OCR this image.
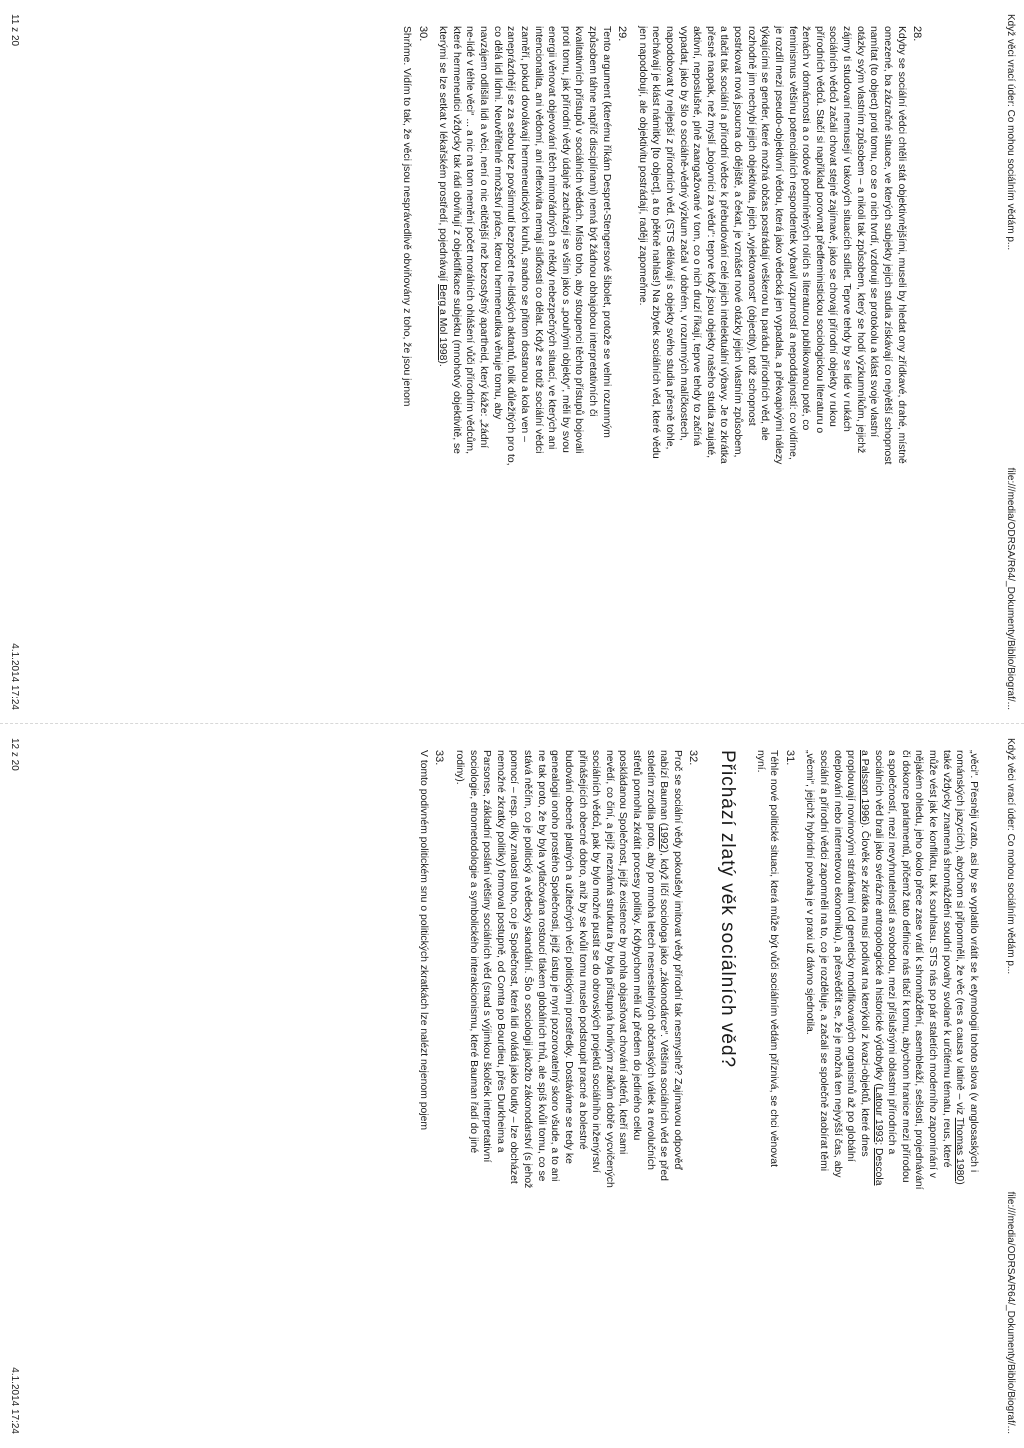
Když věci vrací úder: Co mohou sociálním vědám p...
file:///media/ODRSA/R64/_Dokumenty/Biblio/Biograf/...
28.

Kdyby se sociální vědci chtěli stát objektivnějšími, museli by hledat ony zřídkavé, drahé, místně omezené, ba zázračné situace, ve kterých subjekty jejich studia získávají co největší schopnost namítat (to object) proti tomu, co se o nich tvrdí, vzdoruji se protokolu a klást svoje vlastní otázky svým vlastním způsobem – a nikoli tak způsobem, který se hodí výzkumníkům, jejichž zájmy ti studovaní nemusejí v takových situacích sdílet. Teprve tehdy by se lidé v rukách sociálních vědců začali chovat stejně zajímavě, jako se chovají přírodní objekty v rukou přírodních vědců. Stačí si například porovnat předfeministickou sociologickou literaturu o ženách v domácnosti a o rodově podmíněných rolích s literaturou publikovanou poté, co feminismus většinu potenciálních respondentek vybavil vzpurností a nepoddajností: co vidíme, je rozdíl mezi pseudo-objektivní vědou, která jako vědecká jen vypadala, a překvapivými nálezy týkajícími se gender, které možná občas postrádají veškerou tu parádu přírodních věd, ale rozhodně jim nechybí jejich objektivita, jejich „vyjektovanost“ (objectity), totiž schopnost postrkovat nová jsoucna do dějiště, a čekat, je vznášet nové otázky jejich vlastním způsobem, a tlačit tak sociální a přírodní vědce k přebudování celé jejich intelektuální výbavy. Je to zkrátka přesně naopak, než myslí „bojovníci za vědu“: teprve když jsou objekty našeho studia zaujaté, aktivní, neposlušné, plně zaangažované v tom, co o nich druzí říkají, teprve tehdy to začíná vypadat, jako by šlo o sociálně-vědný výzkum začal v dobrém, v rozumných malíčkostech, napodobovat ty nejlepší z přírodních věd. (STS dělávají s objekty svého studia přesně tohle, nechávají je klást námitky [to object], a to pěkně nahlas!) Na zbytek sociálních věd, které vědu jen napodobují, ale objektivitu postrádají, raději zapomeňme.

29.

Tento argument (kterému říkám Despret-Stengersové šibolet, protože se velmi rozumným způsobem táhne napříč disciplínami) nemá být žádnou obhajobou interpretativních či kvalitativních přístupů v sociálních vědách. Místo toho, aby stoupenci těchto přístupů bojovali proti tomu, jak přírodní vědy údajně zacházejí se vším jako s „pouhými objekty“, měli by svou energii věnovat objevování těch mimořádných a někdy nebezpečných situací, ve kterých ani intencionalita, ani vědomí, ani reflexivita nemají sliďkosti co dělat. Když se totiž sociální vědci zaměří, pokud dovolávají hermeneutických kruhů, snadno se přitom dostanou a kola ven – zaneprázdnějí se za sebou bez povšimnutí bezpočet ne-lidských aktantů, tolik důležitých pro to, co dělá lidi lidmi. Neuvěřitelné množství práce, kterou hermeneutika věnuje tomu, aby navzájem odlišila lidi a věci, není o nic etičtější než bezostyšný apartheid, který káže: „žádní ne-lidé v téhle věci“ ... a nic na tom nemění počet morálních ohlášení vůči přírodním vědcům, které hermeneutici vždycky tak rádi obviňují z objektifikace subjektu (mnohotvý objektivitě, se kterými se lze setkat v lékařském prostředí, pojednávají Berg a Mol 1998).

30.

Shrňme. Vidím to tak, že věci jsou nesprávedlivě obviňovány z toho, že jsou jenom

11 z 20
4.1.2014 17:24
Když věci vrací úder: Co mohou sociálním vědám p...
file:///media/ODRSA/R64/_Dokumenty/Biblio/Biograf/...

„věci“. Přesněji vzato, asi by se vyplatilo vrátit se k etymologii tohoto slova (v anglosaských i románských jazycích), abychom si připomněli, že věc (res a causa v latině – viz Thomas 1980) také vždycky znamená shromáždění soudní povahy svolané k určitému tématu, reus, které může vést jak ke konfliktu, tak k souhlasu. STS nás po pár staletích moderního zapomínání v nějakém ohledu, jeho okolo přece zase vrátí k shromáždění, asembleáží, sešlosti, projednávání či dokonce parlamentů, přičemž tato definice nás tlačí k tomu, abychom hranice mezi přírodou a společností, mezi nevyhnutelností a svobodou, mezi příslušnými oblastmi přírodních a sociálních věd brali jako svérázné antropologické a historické výdobytky (Latour 1993; Descola a Palsson 1996). Člověk se zkrátka musí podívat na kterýkoli z kvazi-objektů, které dnes proplouvají novinovými stránkami (od geneticky modifikovaných organismů až po globální oteplování nebo internetovou ekonomiku), a přesvědčit se, že je možná ten nejvyšší čas, aby sociální a přírodní vědci zapomněli na to, co je rozděluje, a začali se společně zaobírat těmi „věcmi“, jejichž hybridní povaha je v praxi už dávno sjednotila.

31.

Téhle nové politické situaci, která může být vůči sociálním vědám příznivá, se chci věnovat nyní.

Přichází zlatý věk sociálních věd?
32.

Proč se sociální vědy pokoušely imitovat vědy přírodní tak nesmyslně? Zajímavou odpověď nabízí Bauman (1992), když líčí sociologa jako „zákonodárce“. Většina sociálních věd se před stoletím zrodila proto, aby po mnoha letech nesnesitelných občanských válek a revolučních střetů pomohla zkrátit procesy politiky. Kdybychom měli už předem do jediného celku poskládanou Společnost, jejíž existence by mohla objasňovat chování aktérů, kteří sami nevědí, co činí, a jejíž neznámá struktura by byla přístupná horlivým zrakům dobře vycvičených sociálních vědců, pak by bylo možné pustit se do obrovských projektů sociálního inženýrství přinášejících obecné dobro, aniž by se kvůli tomu muselo podstoupit pracné a bolestné budování obecně platných a užitečných věcí politickými prostředky. Dostáváme se tedy ke genealogii onoho prostého Společnosti, jejíž ústup je nyní pozorovatelný skoro všude, a to ani ne tak proto, že by byla vytlačována rostoucí tlakem globálních trhů, ale spíš kvůli tomu, co se stává něčím, co je politický a vědecky skandální. Šlo o sociologii jakožto zákonodárství (s jehož pomocí – resp. díky znalosti toho, co je Společnost, která lidi ovládá jako loutky – lze obcházet nemožné zkratky politiky) formoval postupně, od Comta po Bourdieu, přes Durkheima a Parsonse, základní poslání většiny sociálních věd (snad s výjimkou školček interpretativní sociologie, etnometodologie a symbolického interakcionismu, které Bauman řadí do jiné rodiny).

33.

V tomto podivném politickém snu o politických zkratkách lze nalézt nejenom pojem

12 z 20
4.1.2014 17:24
